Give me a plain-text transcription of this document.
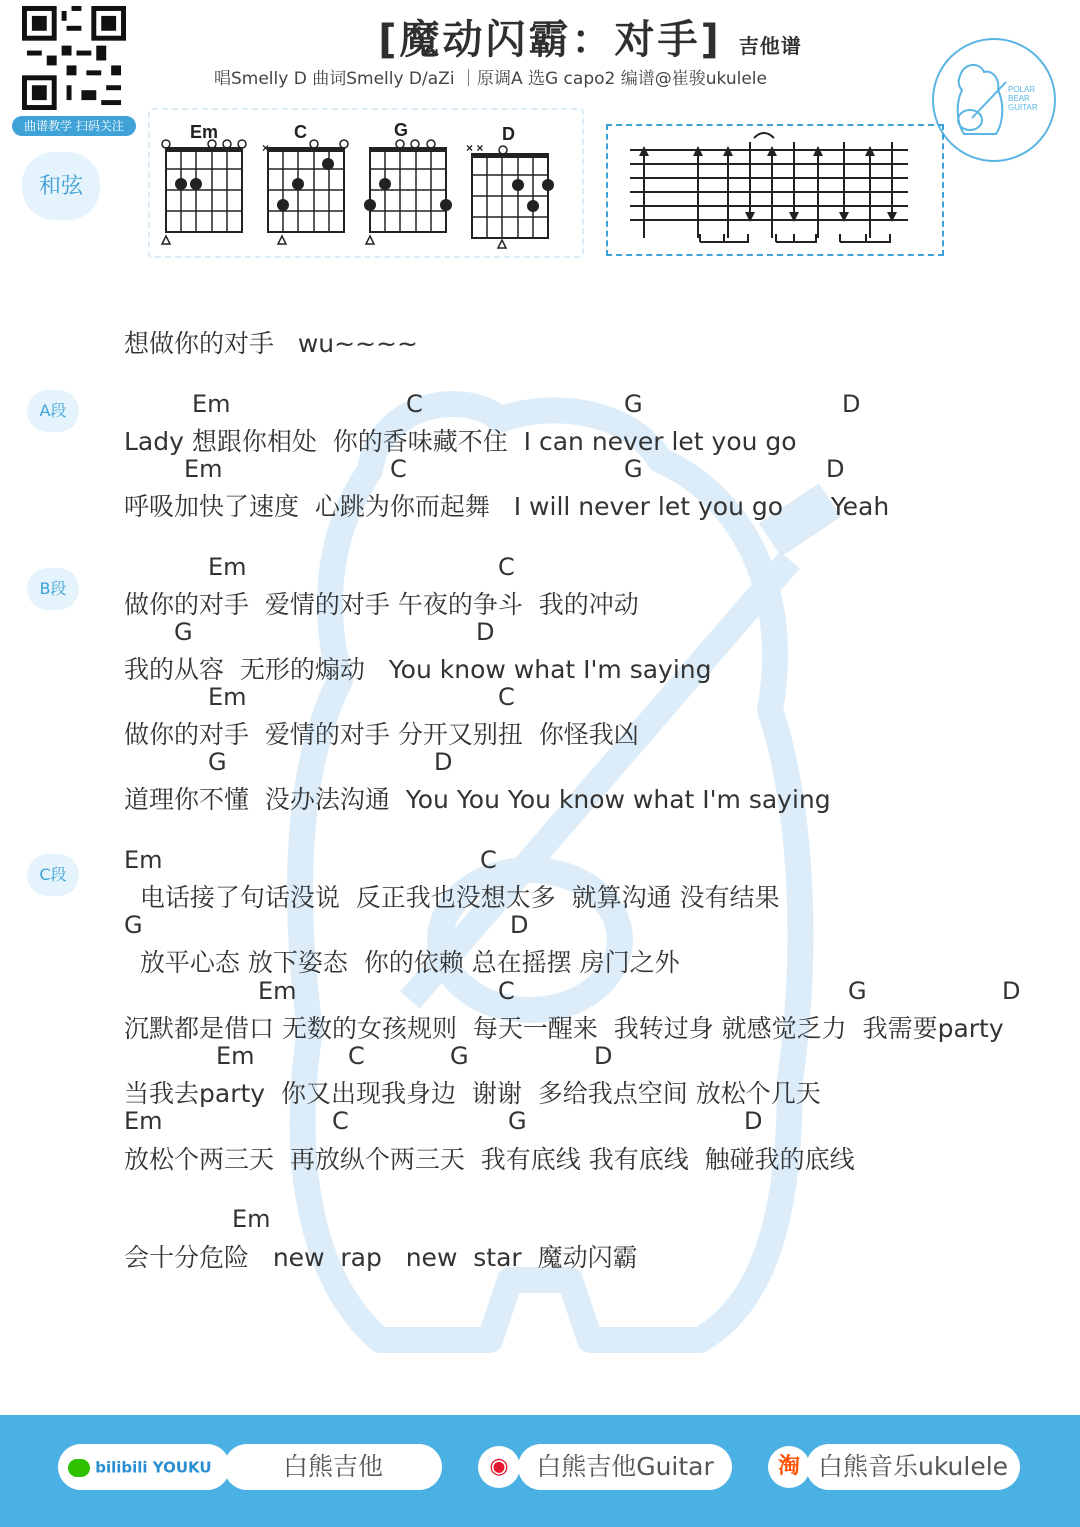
曲谱教学 扫码关注
[魔动闪霸：对手] 吉他谱
唱Smelly D 曲词Smelly D/aZi ｜原调A 选G capo2 编谱@崔骏ukulele
POLAR
BEAR
GUITAR
和弦
Em	C
×
G	D
× ×
想做你的对手   wu~~~~
A段
B段
C段

Em

	C

	G

	D

Lady 想跟你相处  你的香味藏不住  I can never let you go

Em

	C

	G

	D

呼吸加快了速度  心跳为你而起舞   I will never let you go      Yeah

Em

	C

做你的对手  爱情的对手 午夜的争斗  我的冲动

G

	D

我的从容  无形的煽动   You know what I'm saying

Em

	C

做你的对手  爱情的对手 分开又别扭  你怪我凶

G

	D

道理你不懂  没办法沟通  You You You know what I'm saying

Em

	C

电话接了句话没说  反正我也没想太多  就算沟通 没有结果

G

	D

放平心态 放下姿态  你的依赖 总在摇摆 房门之外

Em

	C

	G

	D

沉默都是借口 无数的女孩规则  每天一醒来  我转过身 就感觉乏力  我需要party

Em

	C

	G

	D

当我去party  你又出现我身边  谢谢  多给我点空间 放松个几天

Em

	C

	G

	D

放松个两三天  再放纵个两三天  我有底线 我有底线  触碰我的底线

Em

会十分危险   new  rap   new  star  魔动闪霸
bilibili YOUKU	白熊吉他	◉	白熊吉他Guitar	淘 白熊音乐ukulele
